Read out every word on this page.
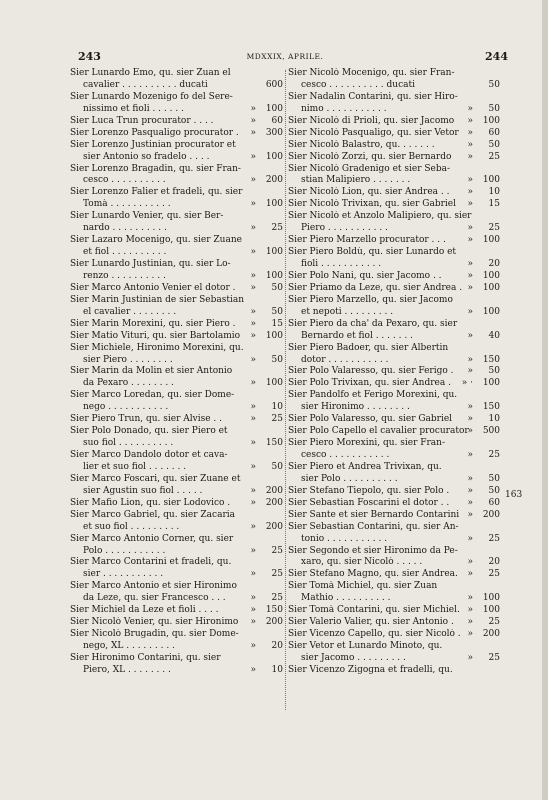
243	MDXXIX, APRILE.	244
Sier Lunardo Emo, qu. sier Zuan el
cavalier . . . . . . . . . . ducati	600
Sier Lunardo Mozenigo fo del Sere-
nissimo et fioli . . . . . .	» 100
Sier Luca Trun procurator . . . .	» 60
Sier Lorenzo Pasqualigo procurator . » 300
Sier Lorenzo Justinian procurator et
sier Antonio so fradelo . . . .	» 100
Sier Lorenzo Bragadin, qu. sier Fran-
cesco . . . . . . . . . .	» 200
Sier Lorenzo Falier et fradeli, qu. sier
Tomà . . . . . . . . . . .	» 100
Sier Lunardo Venier, qu. sier Ber-
nardo . . . . . . . . . .	» 25
Sier Lazaro Mocenigo, qu. sier Zuane
et fiol . . . . . . . . . .	» 100
Sier Lunardo Justinian, qu. sier Lo-
renzo . . . . . . . . . .	» 100
Sier Marco Antonio Venier el dotor . » 50
Sier Marin Justinian de sier Sebastian
el cavalier . . . . . . . .	» 50
Sier Marin Morexini, qu. sier Piero . » 15
Sier Matio Vituri, qu. sier Bartolamio » 100
Sier Michiele, Hironimo Morexini, qu.
sier Piero . . . . . . . .	» 50
Sier Marin da Molin et sier Antonio
da Pexaro . . . . . . . .	» 100
Sier Marco Loredan, qu. sier Dome-
nego . . . . . . . . . . .	» 10
Sier Piero Trun, qu. sier Alvise . .	» 25
Sier Polo Donado, qu. sier Piero et
suo fiol . . . . . . . . . .	» 150
Sier Marco Dandolo dotor et cava-
lier et suo fiol . . . . . . .	» 50
Sier Marco Foscari, qu. sier Zuane et
sier Agustin suo fiol . . . . .	» 200
Sier Mafio Lion, qu. sier Lodovico . » 200
Sier Marco Gabriel, qu. sier Zacaria
et suo fiol . . . . . . . . .	» 200
Sier Marco Antonio Corner, qu. sier
Polo . . . . . . . . . . .	» 25
Sier Marco Contarini et fradeli, qu.
sier . . . . . . . . . . .	» 25
Sier Marco Antonio et sier Hironimo
da Leze, qu. sier Francesco . . .	» 25
Sier Michiel da Leze et fioli . . . .	» 150
Sier Nicolò Venier, qu. sier Hironimo » 200
Sier Nicolò Brugadin, qu. sier Dome-
nego, XL . . . . . . . . .	» 20
Sier Hironimo Contarini, qu. sier
Piero, XL . . . . . . . .	» 10
Sier Nicolò Mocenigo, qu. sier Fran-
cesco . . . . . . . . . . ducati	50
Sier Nadalin Contarini, qu. sier Hiro-
nimo . . . . . . . . . . .	» 50
Sier Nicolò di Prioli, qu. sier Jacomo » 100
Sier Nicolò Pasqualigo, qu. sier Vetor » 60
Sier Nicolò Balastro, qu. . . . . . .	» 50
Sier Nicolò Zorzi, qu. sier Bernardo » 25
Sier Nicolò Gradenigo et sier Seba-
stian Malipiero . . . . . . .	» 100
Sier Nicolò Lion, qu. sier Andrea . . » 10
Sier Nicolò Trivixan, qu. sier Gabriel » 15
Sier Nicolò et Anzolo Malipiero, qu. sier
Piero . . . . . . . . . . .	» 25
Sier Piero Marzello procurator . . . » 100
Sier Piero Boldù, qu. sier Lunardo et
fioli . . . . . . . . . . .	» 20
Sier Polo Nani, qu. sier Jacomo . .	» 100
Sier Priamo da Leze, qu. sier Andrea . » 100
Sier Piero Marzello, qu. sier Jacomo
et nepoti . . . . . . . . .	» 100
Sier Piero da cha' da Pexaro, qu. sier
Bernardo et fiol . . . . . . .	» 40
Sier Piero Badoer, qu. sier Albertin
dotor . . . . . . . . . . .	» 150
Sier Polo Valaresso, qu. sier Ferigo . » 50
Sier Polo Trivixan, qu. sier Andrea . » · 100
Sier Pandolfo et Ferigo Morexini, qu.
sier Hironimo . . . . . . . .	» 150
Sier Polo Valaresso, qu. sier Gabriel » 10
Sier Polo Capello el cavalier procurator
» 500
Sier Piero Morexini, qu. sier Fran-
cesco . . . . . . . . . . .	» 25
Sier Piero et Andrea Trivixan, qu.
sier Polo . . . . . . . . . .	» 50
Sier Stefano Tiepolo, qu. sier Polo . » 50
Sier Sebastian Foscarini el dotor . . » 60
Sier Sante et sier Bernardo Contarini » 200
Sier Sebastian Contarini, qu. sier An-
tonio . . . . . . . . . . .	» 25
Sier Segondo et sier Hironimo da Pe-
xaro, qu. sier Nicolò . . . . .	» 20
Sier Stefano Magno, qu. sier Andrea. » 25
Sier Tomà Michiel, qu. sier Zuan
Mathio . . . . . . . . . .	» 100
Sier Tomà Contarini, qu. sier Michiel. » 100
Sier Valerio Valier, qu. sier Antonio . » 25
Sier Vicenzo Capello, qu. sier Nicolò . » 200
Sier Vetor et Lunardo Minoto, qu.
sier Jacomo . . . . . . . . .	» 25
Sier Vicenzo Zigogna et fradelli, qu.
163
